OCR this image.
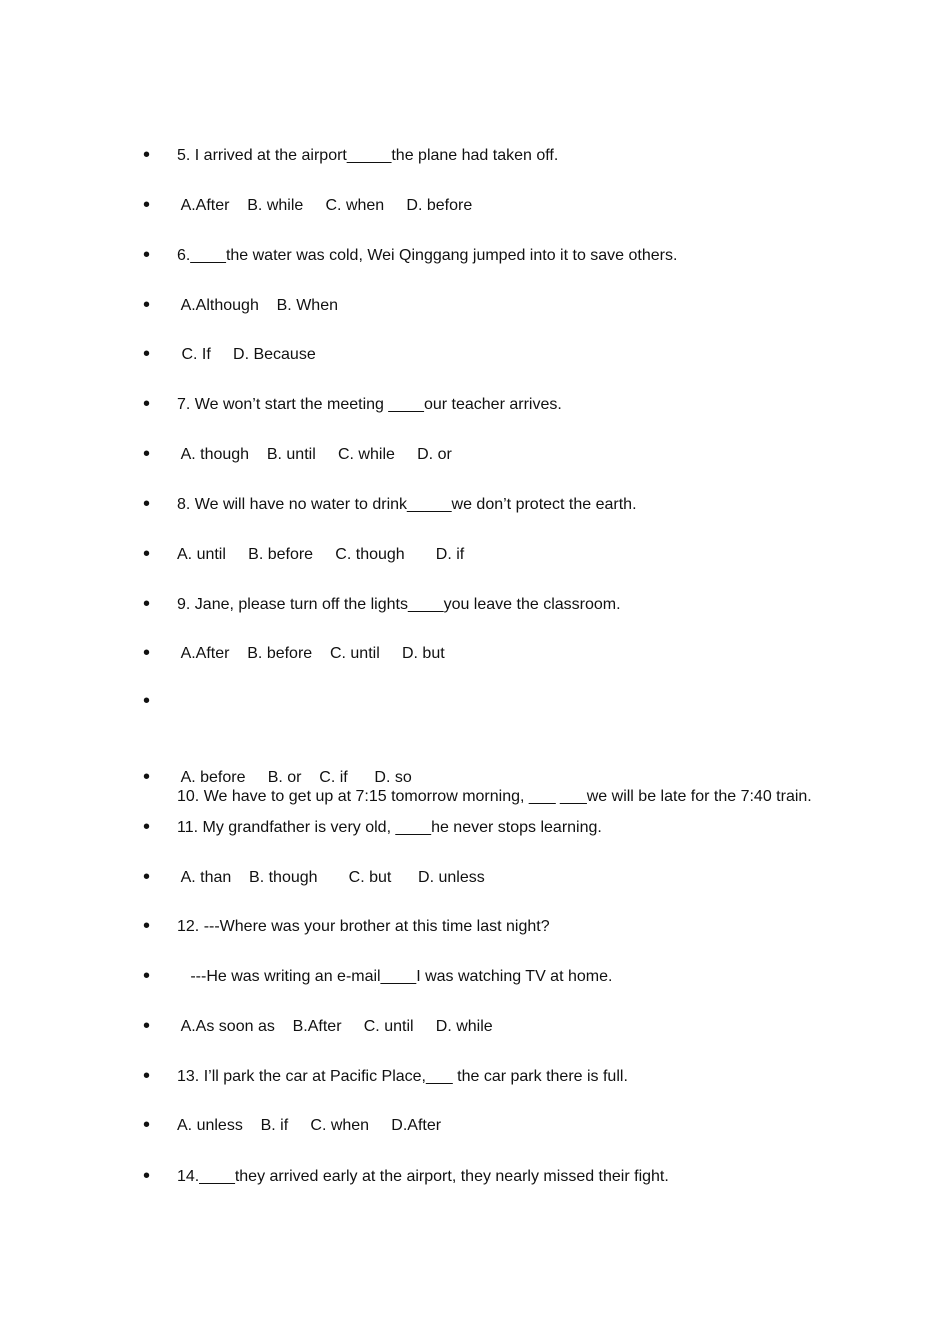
•

5. I arrived at the airport_____the plane had taken off.

•

A.After    B. while     C. when     D. before

•

6.____the water was cold, Wei Qinggang jumped into it to save others.

•

A.Although    B. When

•

C. If     D. Because

•

7. We won’t start the meeting ____our teacher arrives.

•

A. though    B. until     C. while     D. or

•

8. We will have no water to drink_____we don’t protect the earth.

•

A. until     B. before     C. though       D. if

•

9. Jane, please turn off the lights____you leave the classroom.

•

A.After    B. before    C. until     D. but

•

10. We have to get up at 7:15 tomorrow morning, ___ ___we will be late for the 7:40 train.

•

A. before     B. or    C. if      D. so

•

11. My grandfather is very old, ____he never stops learning.

•

A. than    B. though       C. but      D. unless

•

12. ---Where was your brother at this time last night?

•

---He was writing an e-mail____I was watching TV at home.

•

A.As soon as    B.After     C. until     D. while

•

13. I’ll park the car at Pacific Place,___ the car park there is full.

•

A. unless    B. if     C. when     D.After

•

14.____they arrived early at the airport, they nearly missed their fight.
